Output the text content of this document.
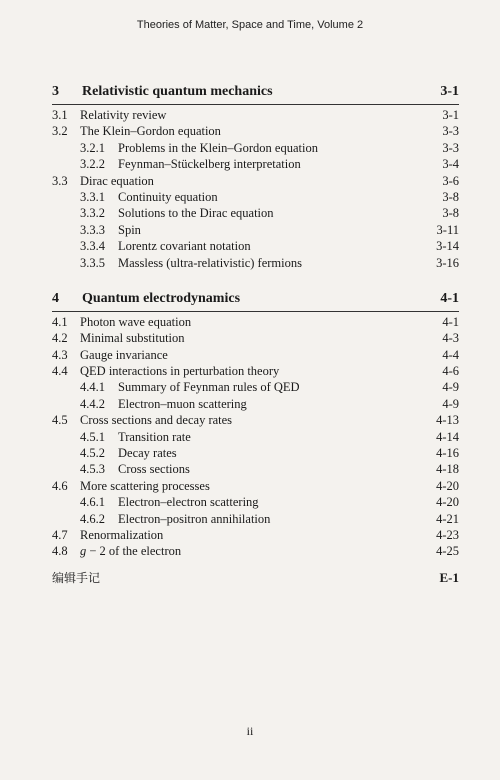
Theories of Matter, Space and Time, Volume 2
3 Relativistic quantum mechanics	3-1
3.1 Relativity review	3-1
3.2 The Klein–Gordon equation	3-3
3.2.1 Problems in the Klein–Gordon equation	3-3
3.2.2 Feynman–Stückelberg interpretation	3-4
3.3 Dirac equation	3-6
3.3.1 Continuity equation	3-8
3.3.2 Solutions to the Dirac equation	3-8
3.3.3 Spin	3-11
3.3.4 Lorentz covariant notation	3-14
3.3.5 Massless (ultra-relativistic) fermions	3-16
4 Quantum electrodynamics	4-1
4.1 Photon wave equation	4-1
4.2 Minimal substitution	4-3
4.3 Gauge invariance	4-4
4.4 QED interactions in perturbation theory	4-6
4.4.1 Summary of Feynman rules of QED	4-9
4.4.2 Electron–muon scattering	4-9
4.5 Cross sections and decay rates	4-13
4.5.1 Transition rate	4-14
4.5.2 Decay rates	4-16
4.5.3 Cross sections	4-18
4.6 More scattering processes	4-20
4.6.1 Electron–electron scattering	4-20
4.6.2 Electron–positron annihilation	4-21
4.7 Renormalization	4-23
4.8 g − 2 of the electron	4-25
编辑手记	E-1
ii
